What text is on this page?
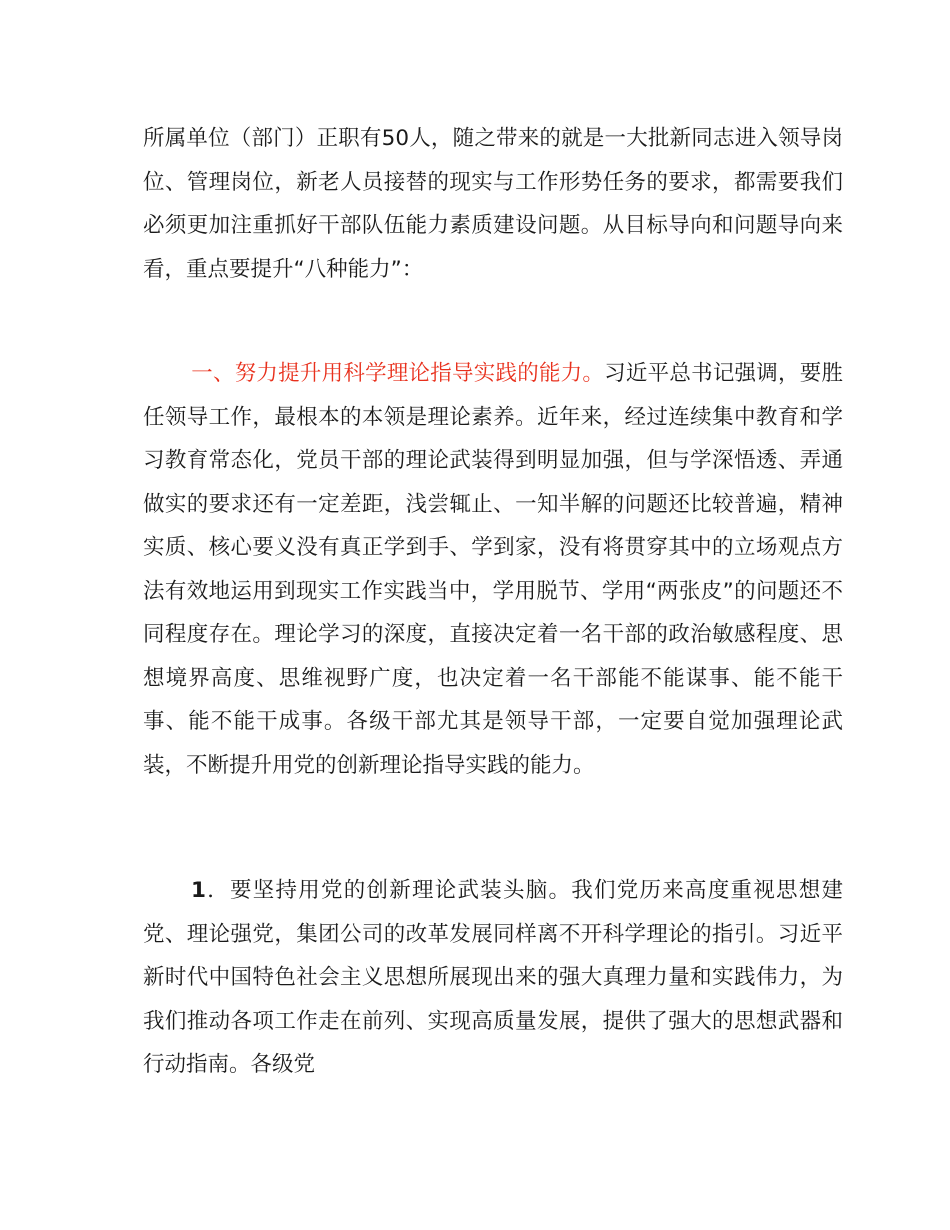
所属单位（部门）正职有50人，随之带来的就是一大批新同志进入领导岗位、管理岗位，新老人员接替的现实与工作形势任务的要求，都需要我们必须更加注重抓好干部队伍能力素质建设问题。从目标导向和问题导向来看，重点要提升“八种能力”：

一、努力提升用科学理论指导实践的能力。习近平总书记强调，要胜任领导工作，最根本的本领是理论素养。近年来，经过连续集中教育和学习教育常态化，党员干部的理论武装得到明显加强，但与学深悟透、弄通做实的要求还有一定差距，浅尝辄止、一知半解的问题还比较普遍，精神实质、核心要义没有真正学到手、学到家，没有将贯穿其中的立场观点方法有效地运用到现实工作实践当中，学用脱节、学用“两张皮”的问题还不同程度存在。理论学习的深度，直接决定着一名干部的政治敏感程度、思想境界高度、思维视野广度，也决定着一名干部能不能谋事、能不能干事、能不能干成事。各级干部尤其是领导干部，一定要自觉加强理论武装，不断提升用党的创新理论指导实践的能力。

1．要坚持用党的创新理论武装头脑。我们党历来高度重视思想建党、理论强党，集团公司的改革发展同样离不开科学理论的指引。习近平新时代中国特色社会主义思想所展现出来的强大真理力量和实践伟力，为我们推动各项工作走在前列、实现高质量发展，提供了强大的思想武器和行动指南。各级党
